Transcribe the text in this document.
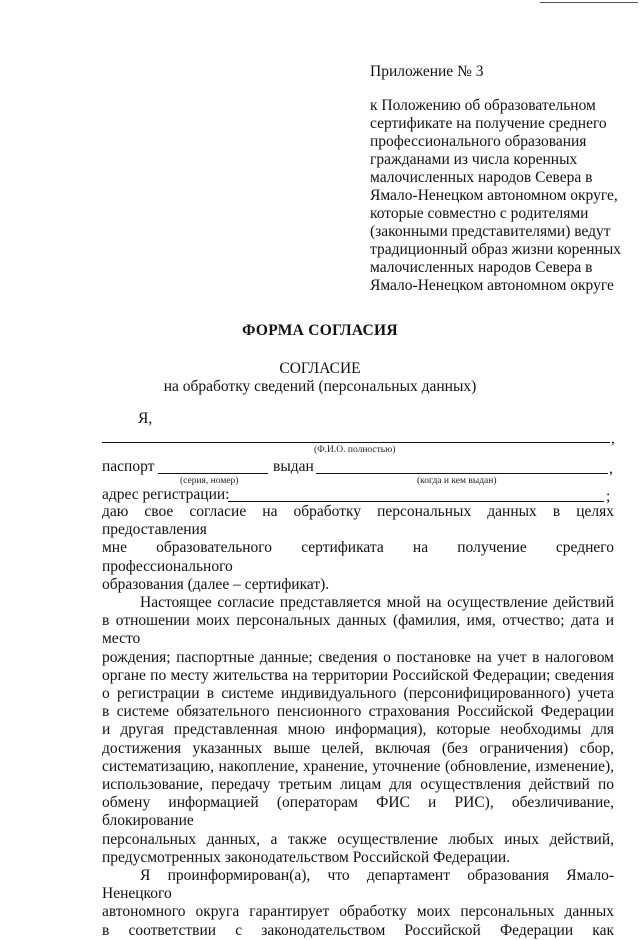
Приложение № 3
к Положению об образовательном
сертификате на получение среднего
профессионального образования
гражданами из числа коренных
малочисленных народов Севера в
Ямало-Ненецком автономном округе,
которые совместно с родителями
(законными представителями) ведут
традиционный образ жизни коренных
малочисленных народов Севера в
Ямало-Ненецком автономном округе
ФОРМА СОГЛАСИЯ
СОГЛАСИЕ
на обработку сведений (персональных данных)
Я,
,
(Ф.И.О. полностью)
паспорт	выдан	,
(серия, номер)	(когда и кем выдан)
адрес регистрации:	;

даю свое согласие на обработку персональных данных в целях предоставления

мне образовательного сертификата на получение среднего профессионального

образования (далее – сертификат).

Настоящее согласие представляется мной на осуществление действий

в отношении моих персональных данных (фамилия, имя, отчество; дата и место

рождения; паспортные данные; сведения о постановке на учет в налоговом

органе по месту жительства на территории Российской Федерации; сведения

о регистрации в системе индивидуального (персонифицированного) учета

в системе обязательного пенсионного страхования Российской Федерации

и другая представленная мною информация), которые необходимы для

достижения указанных выше целей, включая (без ограничения) сбор,

систематизацию, накопление, хранение, уточнение (обновление, изменение),

использование, передачу третьим лицам для осуществления действий по

обмену информацией (операторам ФИС и РИС), обезличивание, блокирование

персональных данных, а также осуществление любых иных действий,

предусмотренных законодательством Российской Федерации.

Я проинформирован(а), что департамент образования Ямало-Ненецкого

автономного округа гарантирует обработку моих персональных данных

в соответствии с законодательством Российской Федерации как
